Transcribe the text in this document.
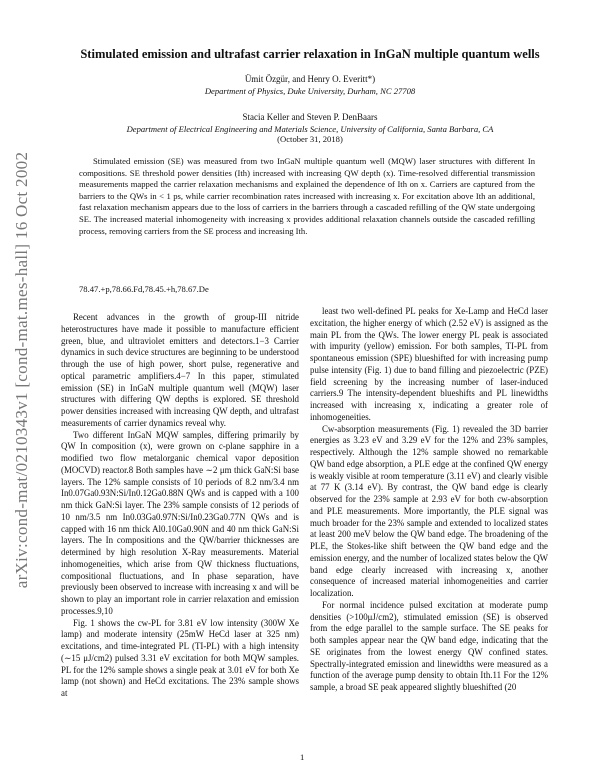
arXiv:cond-mat/0210343v1 [cond-mat.mes-hall] 16 Oct 2002
Stimulated emission and ultrafast carrier relaxation in InGaN multiple quantum wells
Ümit Özgür, and Henry O. Everitt*)
Department of Physics, Duke University, Durham, NC 27708
Stacia Keller and Steven P. DenBaars
Department of Electrical Engineering and Materials Science, University of California, Santa Barbara, CA
(October 31, 2018)
Stimulated emission (SE) was measured from two InGaN multiple quantum well (MQW) laser structures with different In compositions. SE threshold power densities (Ith) increased with increasing QW depth (x). Time-resolved differential transmission measurements mapped the carrier relaxation mechanisms and explained the dependence of Ith on x. Carriers are captured from the barriers to the QWs in < 1 ps, while carrier recombination rates increased with increasing x. For excitation above Ith an additional, fast relaxation mechanism appears due to the loss of carriers in the barriers through a cascaded refilling of the QW state undergoing SE. The increased material inhomogeneity with increasing x provides additional relaxation channels outside the cascaded refilling process, removing carriers from the SE process and increasing Ith.
78.47.+p,78.66.Fd,78.45.+h,78.67.De

Recent advances in the growth of group-III nitride heterostructures have made it possible to manufacture efficient green, blue, and ultraviolet emitters and detectors.1−3 Carrier dynamics in such device structures are beginning to be understood through the use of high power, short pulse, regenerative and optical parametric amplifiers.4−7 In this paper, stimulated emission (SE) in InGaN multiple quantum well (MQW) laser structures with differing QW depths is explored. SE threshold power densities increased with increasing QW depth, and ultrafast measurements of carrier dynamics reveal why.

Two different InGaN MQW samples, differing primarily by QW In composition (x), were grown on c-plane sapphire in a modified two flow metalorganic chemical vapor deposition (MOCVD) reactor.8 Both samples have ∼2 μm thick GaN:Si base layers. The 12% sample consists of 10 periods of 8.2 nm/3.4 nm In0.07Ga0.93N:Si/In0.12Ga0.88N QWs and is capped with a 100 nm thick GaN:Si layer. The 23% sample consists of 12 periods of 10 nm/3.5 nm In0.03Ga0.97N:Si/In0.23Ga0.77N QWs and is capped with 16 nm thick Al0.10Ga0.90N and 40 nm thick GaN:Si layers. The In compositions and the QW/barrier thicknesses are determined by high resolution X-Ray measurements. Material inhomogeneities, which arise from QW thickness fluctuations, compositional fluctuations, and In phase separation, have previously been observed to increase with increasing x and will be shown to play an important role in carrier relaxation and emission processes.9,10

Fig. 1 shows the cw-PL for 3.81 eV low intensity (300W Xe lamp) and moderate intensity (25mW HeCd laser at 325 nm) excitations, and time-integrated PL (TI-PL) with a high intensity (∼15 μJ/cm2) pulsed 3.31 eV excitation for both MQW samples. PL for the 12% sample shows a single peak at 3.01 eV for both Xe lamp (not shown) and HeCd excitations. The 23% sample shows at

least two well-defined PL peaks for Xe-Lamp and HeCd laser excitation, the higher energy of which (2.52 eV) is assigned as the main PL from the QWs. The lower energy PL peak is associated with impurity (yellow) emission. For both samples, TI-PL from spontaneous emission (SPE) blueshifted for with increasing pump pulse intensity (Fig. 1) due to band filling and piezoelectric (PZE) field screening by the increasing number of laser-induced carriers.9 The intensity-dependent blueshifts and PL linewidths increased with increasing x, indicating a greater role of inhomogeneities.

Cw-absorption measurements (Fig. 1) revealed the 3D barrier energies as 3.23 eV and 3.29 eV for the 12% and 23% samples, respectively. Although the 12% sample showed no remarkable QW band edge absorption, a PLE edge at the confined QW energy is weakly visible at room temperature (3.11 eV) and clearly visible at 77 K (3.14 eV). By contrast, the QW band edge is clearly observed for the 23% sample at 2.93 eV for both cw-absorption and PLE measurements. More importantly, the PLE signal was much broader for the 23% sample and extended to localized states at least 200 meV below the QW band edge. The broadening of the PLE, the Stokes-like shift between the QW band edge and the emission energy, and the number of localized states below the QW band edge clearly increased with increasing x, another consequence of increased material inhomogeneities and carrier localization.

For normal incidence pulsed excitation at moderate pump densities (>100μJ/cm2), stimulated emission (SE) is observed from the edge parallel to the sample surface. The SE peaks for both samples appear near the QW band edge, indicating that the SE originates from the lowest energy QW confined states. Spectrally-integrated emission and linewidths were measured as a function of the average pump density to obtain Ith.11 For the 12% sample, a broad SE peak appeared slightly blueshifted (20

1
